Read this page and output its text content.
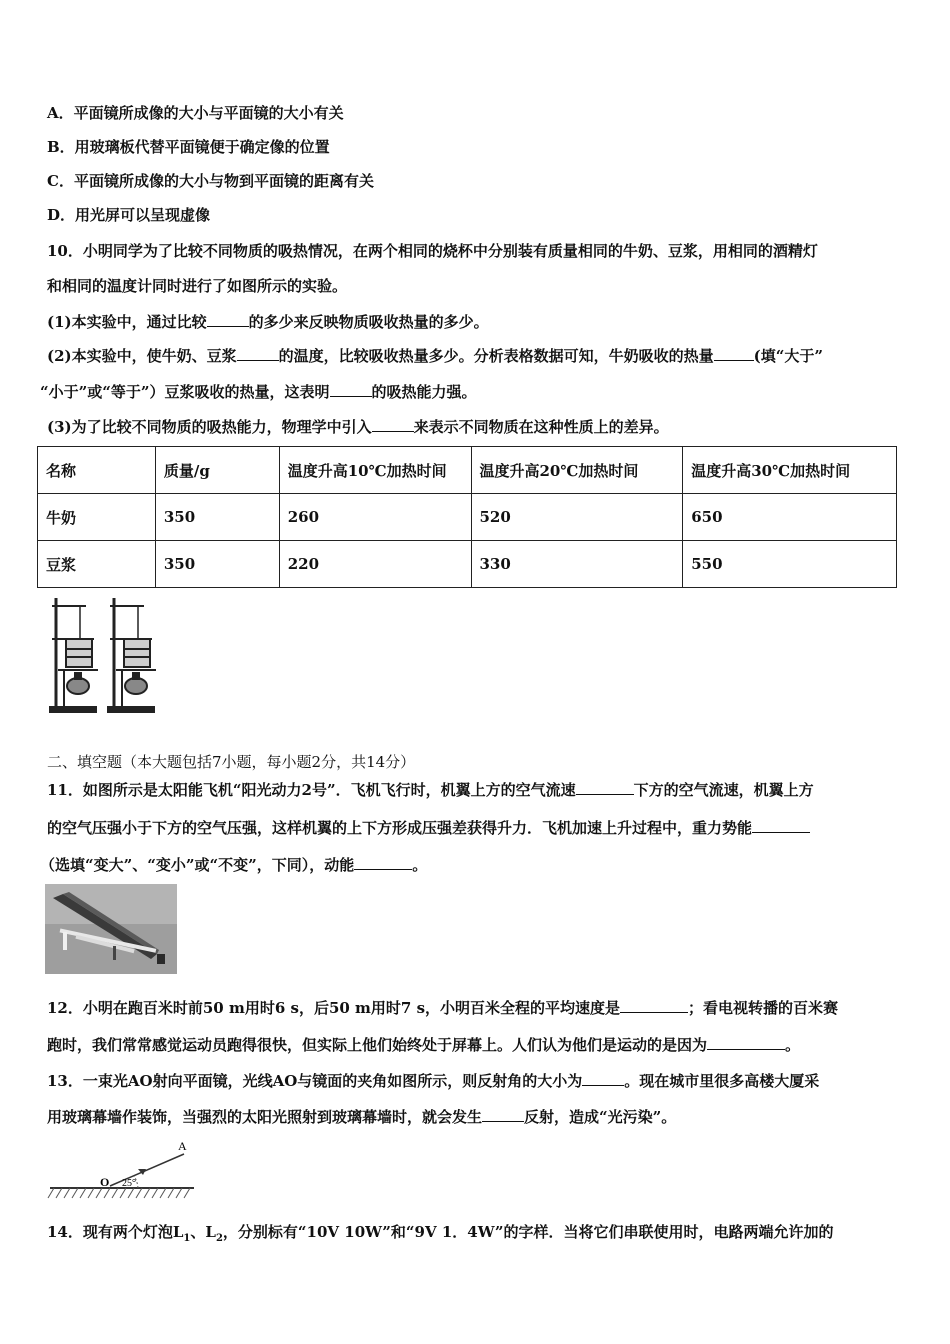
A．平面镜所成像的大小与平面镜的大小有关
B．用玻璃板代替平面镜便于确定像的位置
C．平面镜所成像的大小与物到平面镜的距离有关
D．用光屏可以呈现虚像
10．小明同学为了比较不同物质的吸热情况，在两个相同的烧杯中分别装有质量相同的牛奶、豆浆，用相同的酒精灯
和相同的温度计同时进行了如图所示的实验。
(1)本实验中，通过比较	的多少来反映物质吸收热量的多少。
(2)本实验中，使牛奶、豆浆	的温度，比较吸收热量多少。分析表格数据可知，牛奶吸收的热量	(填“大于”
“小于”或“等于”）豆浆吸收的热量，这表明	的吸热能力强。
(3)为了比较不同物质的吸热能力，物理学中引入	来表示不同物质在这种性质上的差异。
名称	质量/g	温度升高10℃加热时间	温度升高20℃加热时间	温度升高30℃加热时间
牛奶	350	260	520	650
豆浆	350	220	330	550
二、填空题（本大题包括7小题，每小题2分，共14分）
11．如图所示是太阳能飞机“阳光动力2号”．飞机飞行时，机翼上方的空气流速	下方的空气流速，机翼上方
的空气压强小于下方的空气压强，这样机翼的上下方形成压强差获得升力．飞机加速上升过程中，重力势能
（选填“变大”、“变小”或“不变”，下同），动能	。
12．小明在跑百米时前50 m用时6 s，后50 m用时7 s，小明百米全程的平均速度是	；看电视转播的百米赛
跑时，我们常常感觉运动员跑得很快，但实际上他们始终处于屏幕上。人们认为他们是运动的是因为	。
13．一束光AO射向平面镜，光线AO与镜面的夹角如图所示，则反射角的大小为	。现在城市里很多高楼大厦采
用玻璃幕墙作装饰，当强烈的太阳光照射到玻璃幕墙时，就会发生	反射，造成“光污染”。
A
O 25°
14．现有两个灯泡$L_1$、$L_2$，分别标有“10V 10W”和“9V 1．4W”的字样．当将它们串联使用时，电路两端允许加的
